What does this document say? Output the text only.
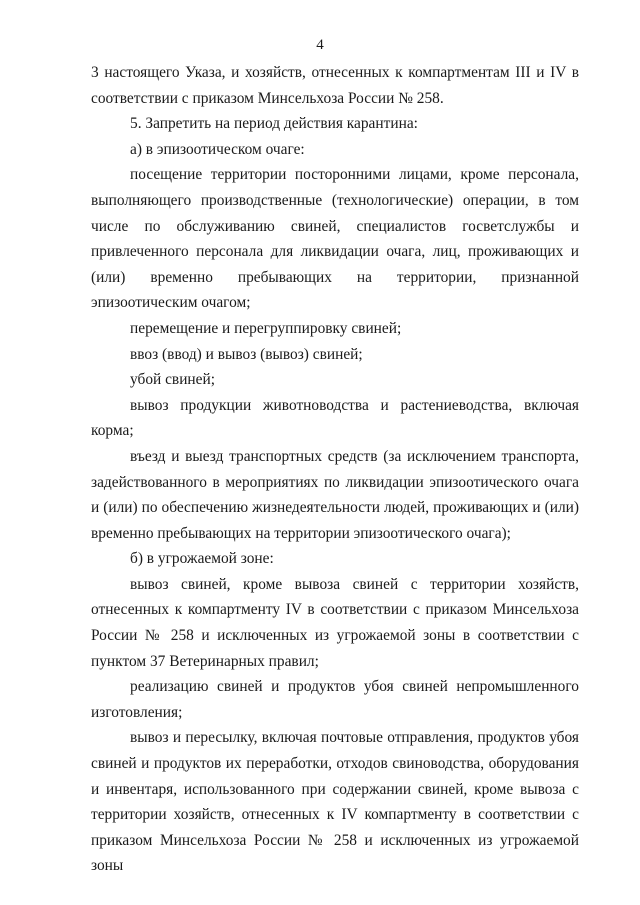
4

3 настоящего Указа, и хозяйств, отнесенных к компартментам III и IV в соответствии с приказом Минсельхоза России № 258.

5. Запретить на период действия карантина:

а) в эпизоотическом очаге:

посещение территории посторонними лицами, кроме персонала, выполняющего производственные (технологические) операции, в том числе по обслуживанию свиней, специалистов госветслужбы и привлеченного персонала для ликвидации очага, лиц, проживающих и (или) временно пребывающих на территории, признанной эпизоотическим очагом;

перемещение и перегруппировку свиней;

ввоз (ввод) и вывоз (вывоз) свиней;

убой свиней;

вывоз продукции животноводства и растениеводства, включая корма;

въезд и выезд транспортных средств (за исключением транспорта, задействованного в мероприятиях по ликвидации эпизоотического очага и (или) по обеспечению жизнедеятельности людей, проживающих и (или) временно пребывающих на территории эпизоотического очага);

б) в угрожаемой зоне:

вывоз свиней, кроме вывоза свиней с территории хозяйств, отнесенных к компартменту IV в соответствии с приказом Минсельхоза России № 258 и исключенных из угрожаемой зоны в соответствии с пунктом 37 Ветеринарных правил;

реализацию свиней и продуктов убоя свиней непромышленного изготовления;

вывоз и пересылку, включая почтовые отправления, продуктов убоя свиней и продуктов их переработки, отходов свиноводства, оборудования и инвентаря, использованного при содержании свиней, кроме вывоза с территории хозяйств, отнесенных к IV компартменту в соответствии с приказом Минсельхоза России № 258 и исключенных из угрожаемой зоны
